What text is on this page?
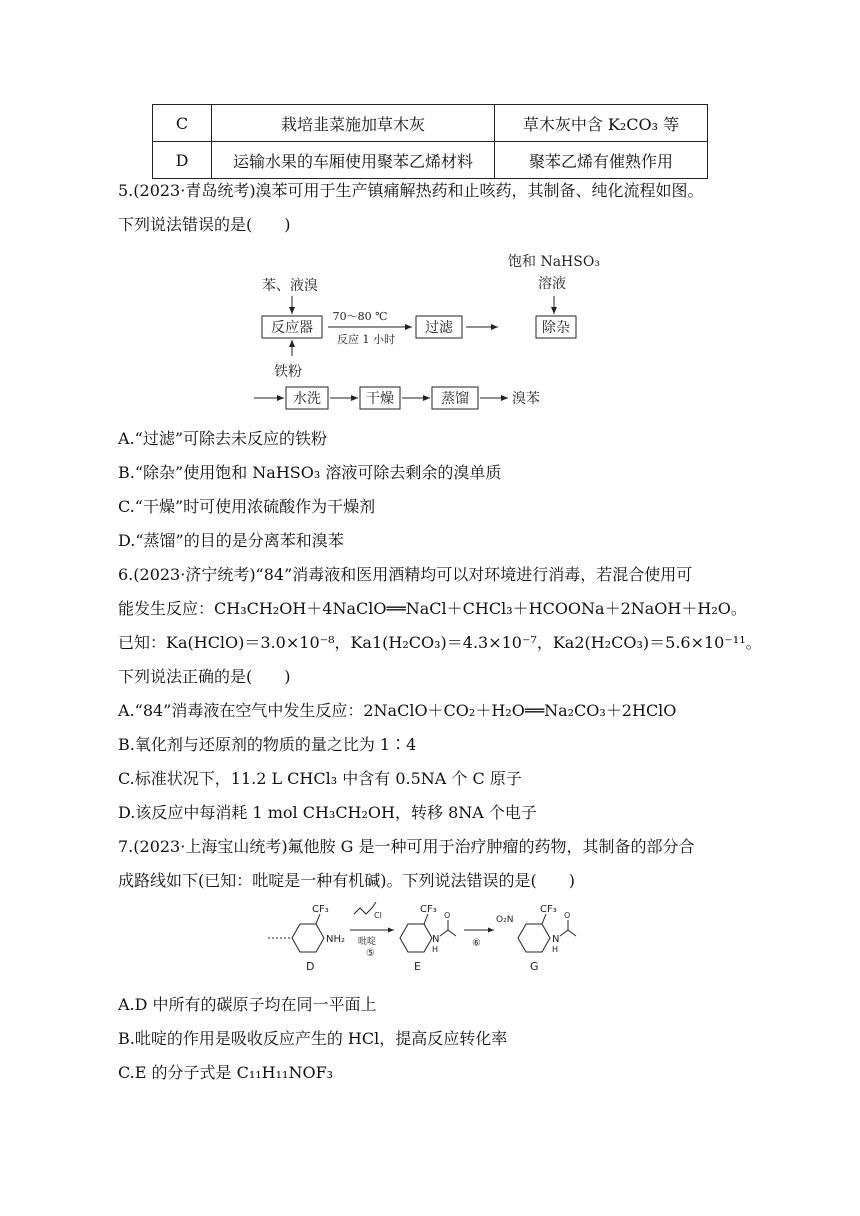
C	栽培韭菜施加草木灰	草木灰中含 K₂CO₃ 等
D	运输水果的车厢使用聚苯乙烯材料	聚苯乙烯有催熟作用
5.(2023·青岛统考)溴苯可用于生产镇痛解热药和止咳药，其制备、纯化流程如图。
下列说法错误的是(　　)
苯、液溴
反应器
铁粉
70～80 ℃
反应 1 小时
过滤
饱和 NaHSO₃
溶液
除杂
水洗	干燥	蒸馏	溴苯
A.“过滤”可除去未反应的铁粉
B.“除杂”使用饱和 NaHSO₃ 溶液可除去剩余的溴单质
C.“干燥”时可使用浓硫酸作为干燥剂
D.“蒸馏”的目的是分离苯和溴苯
6.(2023·济宁统考)“84”消毒液和医用酒精均可以对环境进行消毒，若混合使用可
能发生反应：CH₃CH₂OH＋4NaClO══NaCl＋CHCl₃＋HCOONa＋2NaOH＋H₂O。
已知：Ka(HClO)＝3.0×10⁻⁸，Ka1(H₂CO₃)＝4.3×10⁻⁷，Ka2(H₂CO₃)＝5.6×10⁻¹¹。
下列说法正确的是(　　)
A.“84”消毒液在空气中发生反应：2NaClO＋CO₂＋H₂O══Na₂CO₃＋2HClO
B.氧化剂与还原剂的物质的量之比为 1∶4
C.标准状况下，11.2 L CHCl₃ 中含有 0.5NA 个 C 原子
D.该反应中每消耗 1 mol CH₃CH₂OH，转移 8NA 个电子
7.(2023·上海宝山统考)氟他胺 G 是一种可用于治疗肿瘤的药物，其制备的部分合
成路线如下(已知：吡啶是一种有机碱)。下列说法错误的是(　　)
CF₃
NH₂
D
Cl
吡啶
⑤
CF₃
N
H
O
E
⑥
O₂N
CF₃
N
H
O
G
A.D 中所有的碳原子均在同一平面上
B.吡啶的作用是吸收反应产生的 HCl，提高反应转化率
C.E 的分子式是 C₁₁H₁₁NOF₃
